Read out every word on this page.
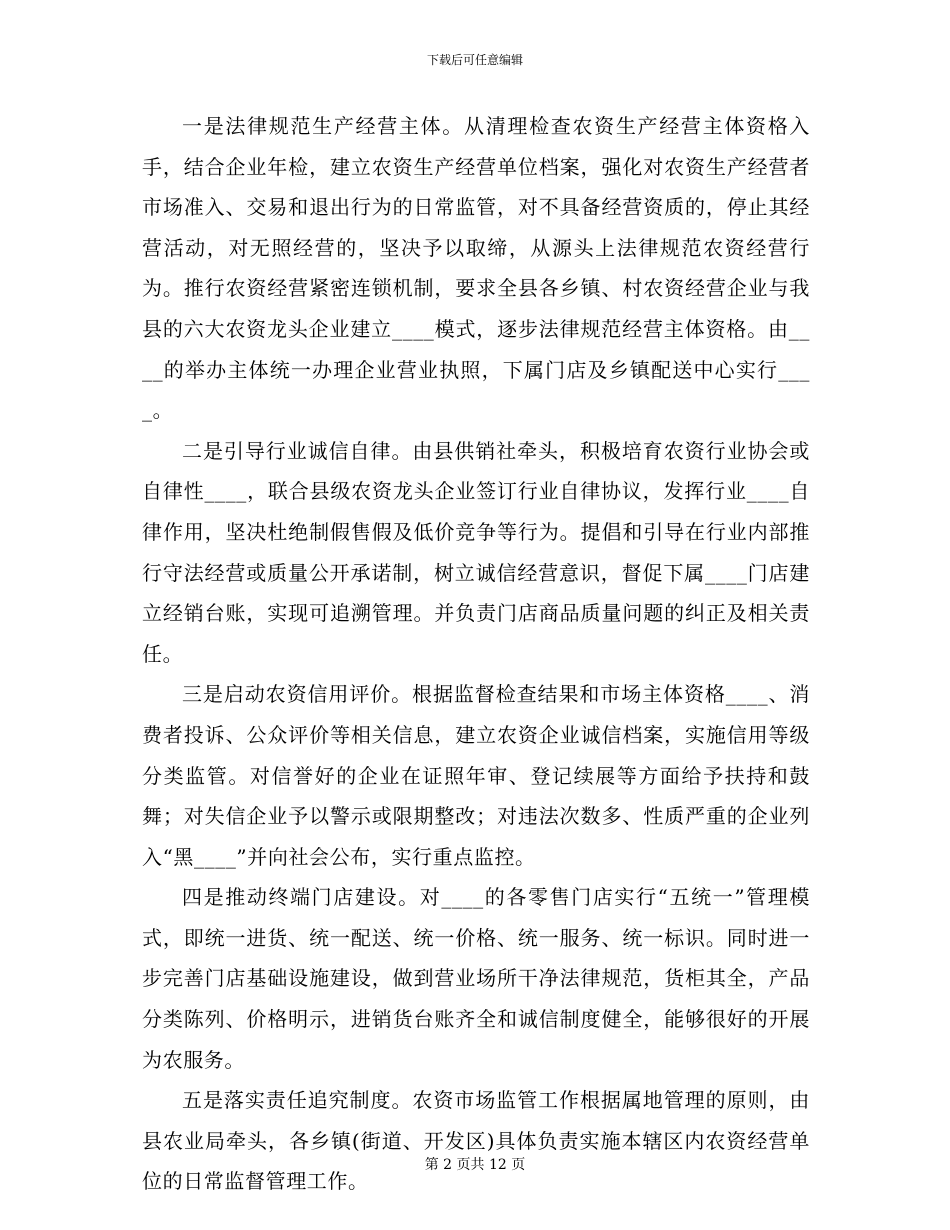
下载后可任意编辑

一是法律规范生产经营主体。从清理检查农资生产经营主体资格入手，结合企业年检，建立农资生产经营单位档案，强化对农资生产经营者市场准入、交易和退出行为的日常监管，对不具备经营资质的，停止其经营活动，对无照经营的，坚决予以取缔，从源头上法律规范农资经营行为。推行农资经营紧密连锁机制，要求全县各乡镇、村农资经营企业与我县的六大农资龙头企业建立____模式，逐步法律规范经营主体资格。由____的举办主体统一办理企业营业执照，下属门店及乡镇配送中心实行____。

二是引导行业诚信自律。由县供销社牵头，积极培育农资行业协会或自律性____，联合县级农资龙头企业签订行业自律协议，发挥行业____自律作用，坚决杜绝制假售假及低价竞争等行为。提倡和引导在行业内部推行守法经营或质量公开承诺制，树立诚信经营意识，督促下属____门店建立经销台账，实现可追溯管理。并负责门店商品质量问题的纠正及相关责任。

三是启动农资信用评价。根据监督检查结果和市场主体资格____、消费者投诉、公众评价等相关信息，建立农资企业诚信档案，实施信用等级分类监管。对信誉好的企业在证照年审、登记续展等方面给予扶持和鼓舞；对失信企业予以警示或限期整改；对违法次数多、性质严重的企业列入“黑____”并向社会公布，实行重点监控。

四是推动终端门店建设。对____的各零售门店实行“五统一”管理模式，即统一进货、统一配送、统一价格、统一服务、统一标识。同时进一步完善门店基础设施建设，做到营业场所干净法律规范，货柜其全，产品分类陈列、价格明示，进销货台账齐全和诚信制度健全，能够很好的开展为农服务。

五是落实责任追究制度。农资市场监管工作根据属地管理的原则，由县农业局牵头，各乡镇(街道、开发区)具体负责实施本辖区内农资经营单位的日常监督管理工作。

第 2 页共 12 页
